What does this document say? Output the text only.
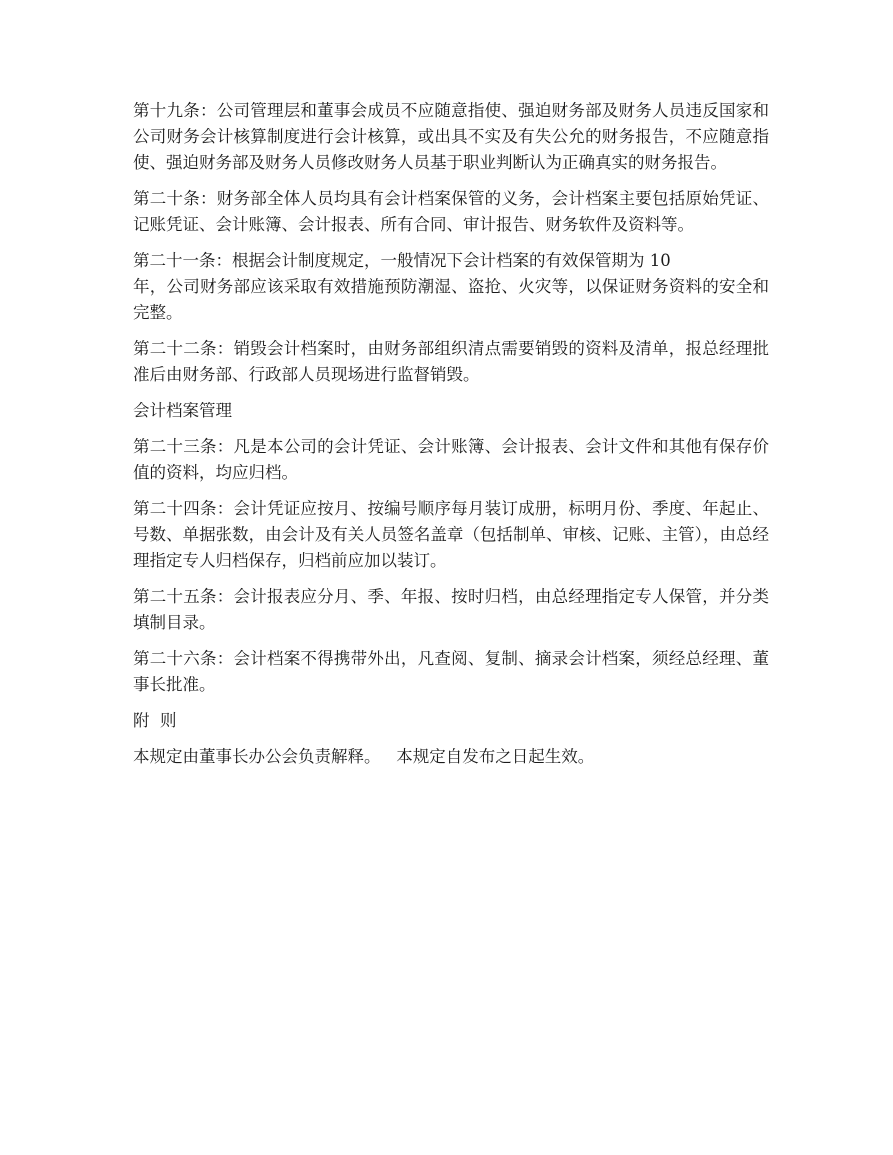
第十九条：公司管理层和董事会成员不应随意指使、强迫财务部及财务人员违反国家和公司财务会计核算制度进行会计核算，或出具不实及有失公允的财务报告，不应随意指使、强迫财务部及财务人员修改财务人员基于职业判断认为正确真实的财务报告。

第二十条：财务部全体人员均具有会计档案保管的义务，会计档案主要包括原始凭证、记账凭证、会计账簿、会计报表、所有合同、审计报告、财务软件及资料等。

第二十一条：根据会计制度规定，一般情况下会计档案的有效保管期为 10
年，公司财务部应该采取有效措施预防潮湿、盗抢、火灾等，以保证财务资料的安全和完整。

第二十二条：销毁会计档案时，由财务部组织清点需要销毁的资料及清单，报总经理批准后由财务部、行政部人员现场进行监督销毁。

会计档案管理

第二十三条：凡是本公司的会计凭证、会计账簿、会计报表、会计文件和其他有保存价值的资料，均应归档。

第二十四条：会计凭证应按月、按编号顺序每月装订成册，标明月份、季度、年起止、号数、单据张数，由会计及有关人员签名盖章（包括制单、审核、记账、主管），由总经理指定专人归档保存，归档前应加以装订。

第二十五条：会计报表应分月、季、年报、按时归档，由总经理指定专人保管，并分类填制目录。

第二十六条：会计档案不得携带外出，凡查阅、复制、摘录会计档案，须经总经理、董事长批准。

附  则

本规定由董事长办公会负责解释。   本规定自发布之日起生效。
